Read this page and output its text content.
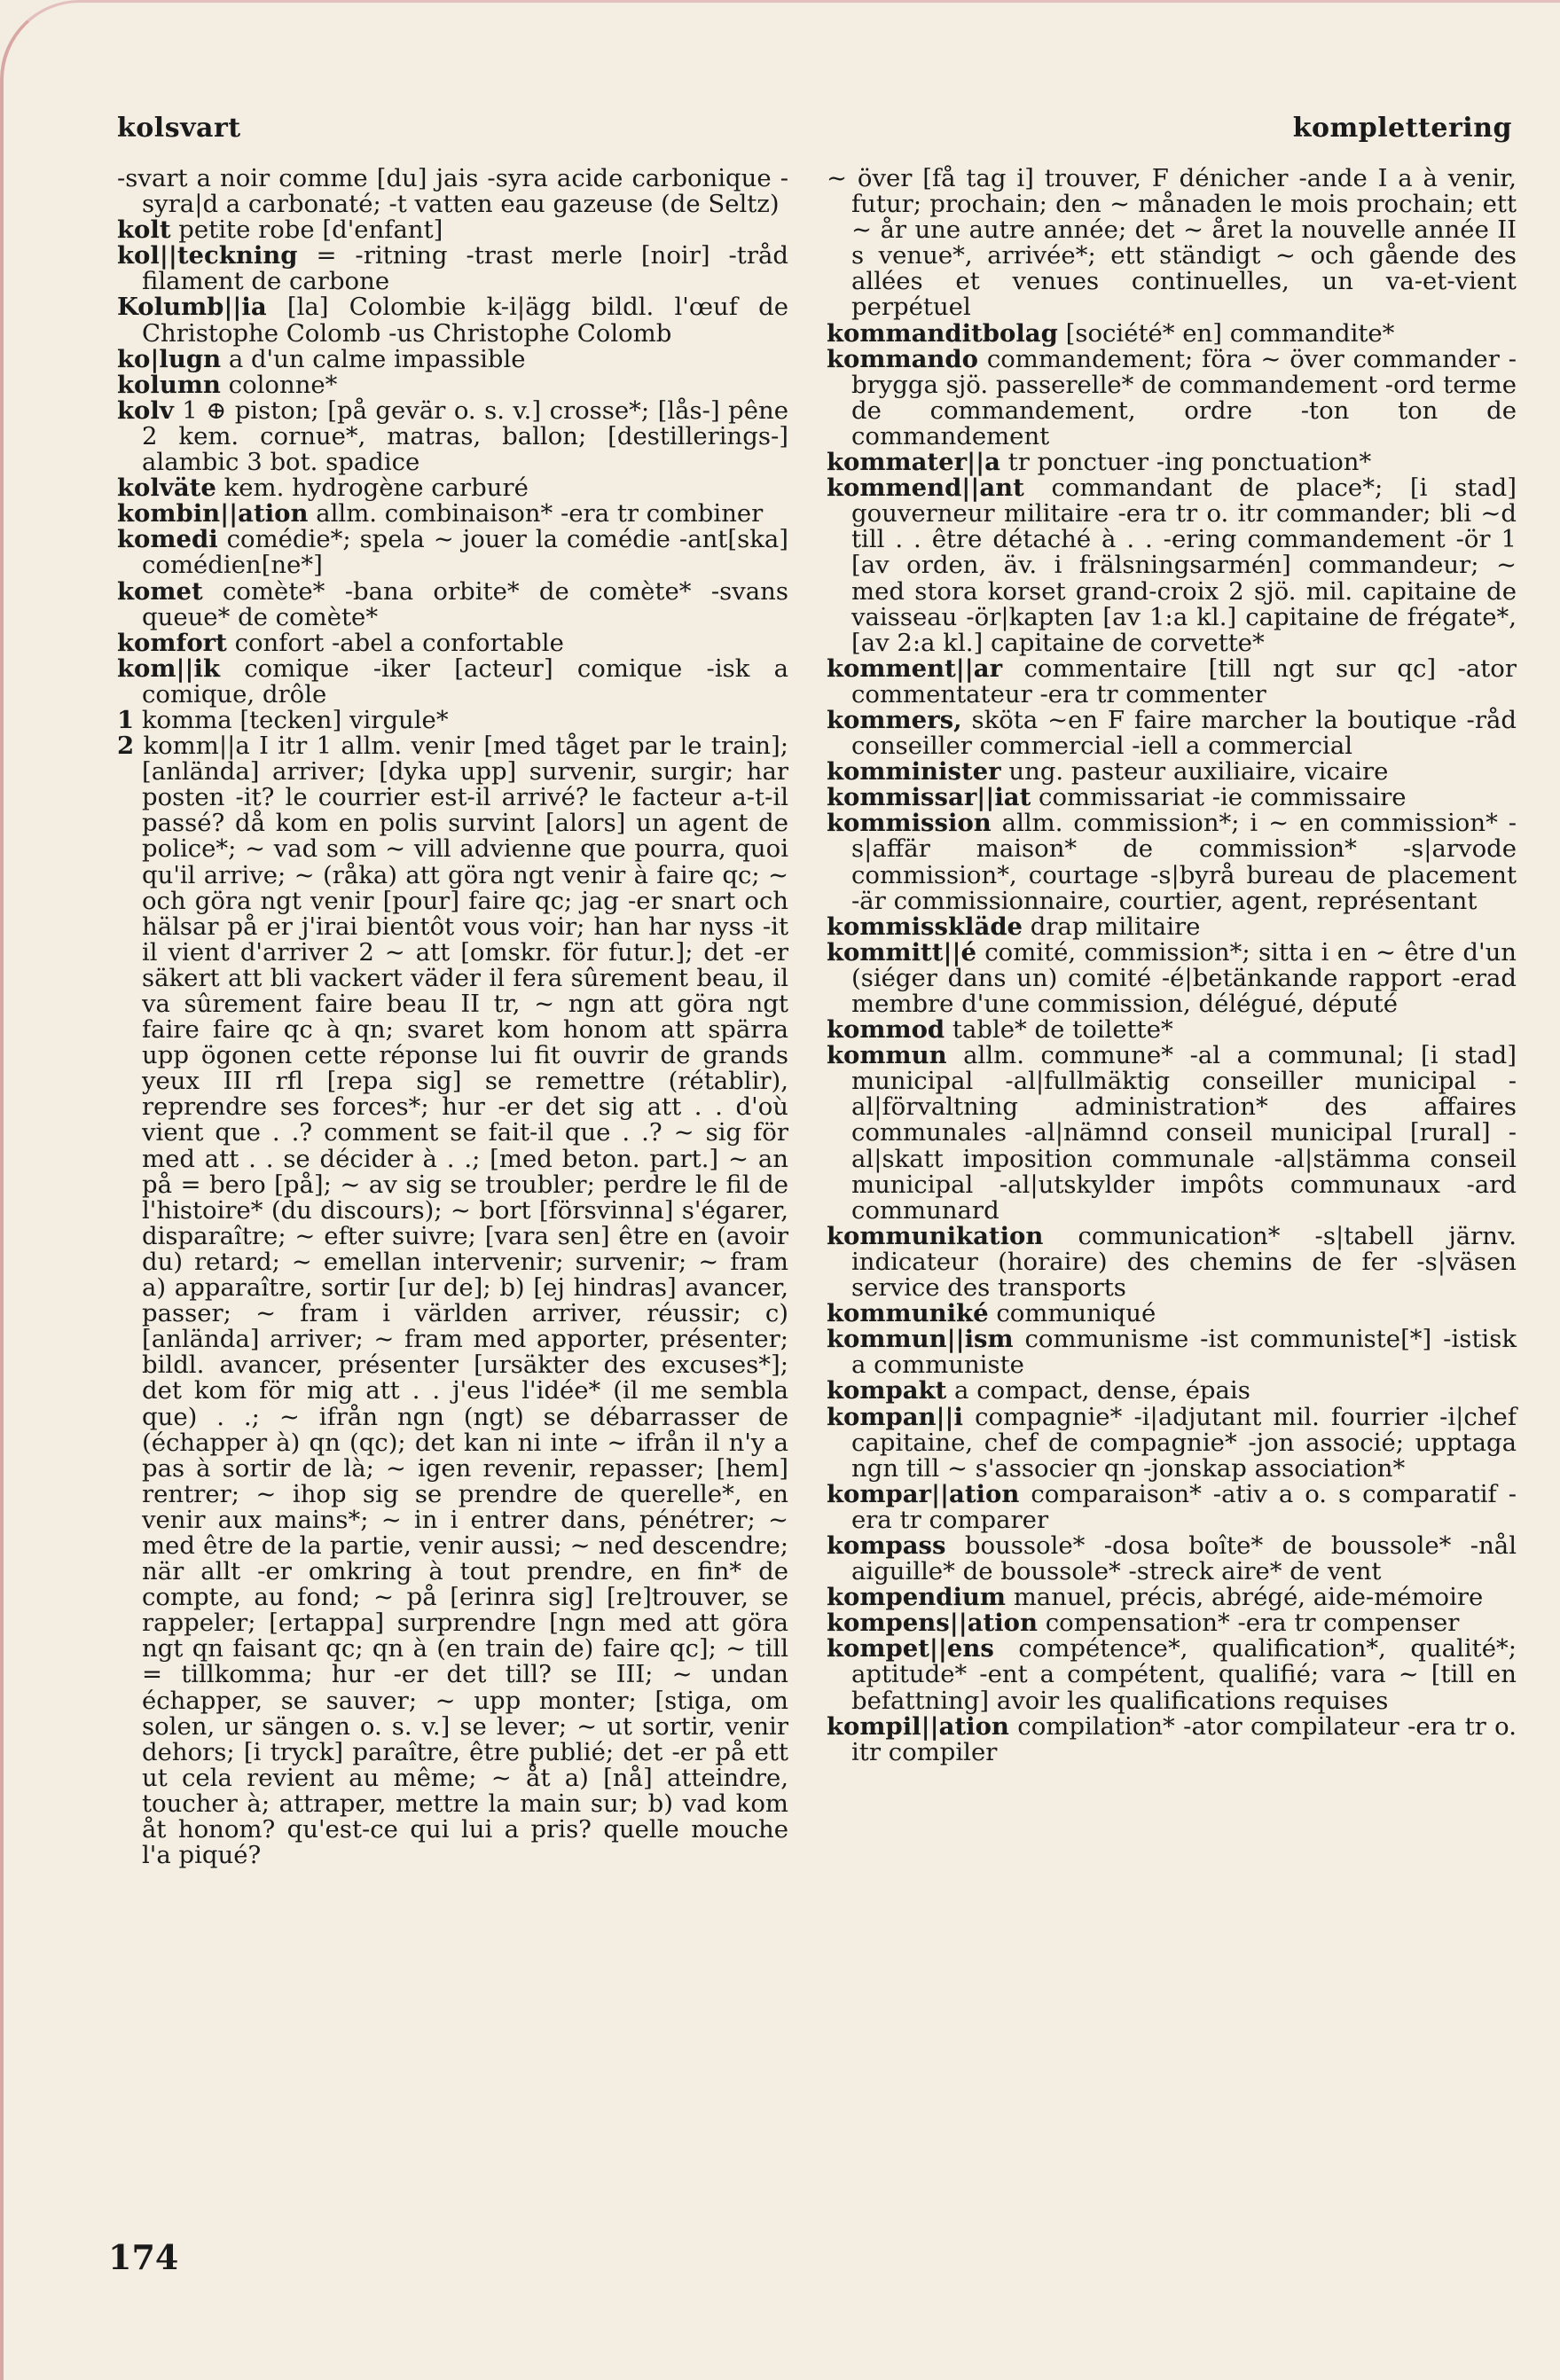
kolsvart	komplettering

-svart a noir comme [du] jais -syra acide carbonique -syra|d a carbonaté; -t vatten eau gazeuse (de Seltz)

kolt petite robe [d'enfant]

kol||teckning = -ritning -trast merle [noir] -tråd filament de carbone

Kolumb||ia [la] Colombie k-i|ägg bildl. l'œuf de Christophe Colomb -us Christophe Colomb

ko|lugn a d'un calme impassible

kolumn colonne*

kolv 1 ⊕ piston; [på gevär o. s. v.] crosse*; [lås-] pêne 2 kem. cornue*, matras, ballon; [destillerings-] alambic 3 bot. spadice

kolväte kem. hydrogène carburé

kombin||ation allm. combinaison* -era tr combiner

komedi comédie*; spela ~ jouer la comédie -ant[ska] comédien[ne*]

komet comète* -bana orbite* de comète* -svans queue* de comète*

komfort confort -abel a confortable

kom||ik comique -iker [acteur] comique -isk a comique, drôle

1 komma [tecken] virgule*

2 komm||a I itr 1 allm. venir [med tåget par le train]; [anlända] arriver; [dyka upp] survenir, surgir; har posten -it? le courrier est-il arrivé? le facteur a-t-il passé? då kom en polis survint [alors] un agent de police*; ~ vad som ~ vill advienne que pourra, quoi qu'il arrive; ~ (råka) att göra ngt venir à faire qc; ~ och göra ngt venir [pour] faire qc; jag -er snart och hälsar på er j'irai bientôt vous voir; han har nyss -it il vient d'arriver 2 ~ att [omskr. för futur.]; det -er säkert att bli vackert väder il fera sûrement beau, il va sûrement faire beau II tr, ~ ngn att göra ngt faire faire qc à qn; svaret kom honom att spärra upp ögonen cette réponse lui fit ouvrir de grands yeux III rfl [repa sig] se remettre (rétablir), reprendre ses forces*; hur -er det sig att . . d'où vient que . .? comment se fait-il que . .? ~ sig för med att . . se décider à . .; [med beton. part.] ~ an på = bero [på]; ~ av sig se troubler; perdre le fil de l'histoire* (du discours); ~ bort [försvinna] s'égarer, disparaître; ~ efter suivre; [vara sen] être en (avoir du) retard; ~ emellan intervenir; survenir; ~ fram a) apparaître, sortir [ur de]; b) [ej hindras] avancer, passer; ~ fram i världen arriver, réussir; c) [anlända] arriver; ~ fram med apporter, présenter; bildl. avancer, présenter [ursäkter des excuses*]; det kom för mig att . . j'eus l'idée* (il me sembla que) . .; ~ ifrån ngn (ngt) se débarrasser de (échapper à) qn (qc); det kan ni inte ~ ifrån il n'y a pas à sortir de là; ~ igen revenir, repasser; [hem] rentrer; ~ ihop sig se prendre de querelle*, en venir aux mains*; ~ in i entrer dans, pénétrer; ~ med être de la partie, venir aussi; ~ ned descendre; när allt -er omkring à tout prendre, en fin* de compte, au fond; ~ på [erinra sig] [re]trouver, se rappeler; [ertappa] surprendre [ngn med att göra ngt qn faisant qc; qn à (en train de) faire qc]; ~ till = tillkomma; hur -er det till? se III; ~ undan échapper, se sauver; ~ upp monter; [stiga, om solen, ur sängen o. s. v.] se lever; ~ ut sortir, venir dehors; [i tryck] paraître, être publié; det -er på ett ut cela revient au même; ~ åt a) [nå] atteindre, toucher à; attraper, mettre la main sur; b) vad kom åt honom? qu'est-ce qui lui a pris? quelle mouche l'a piqué?

~ över [få tag i] trouver, F dénicher -ande I a à venir, futur; prochain; den ~ månaden le mois prochain; ett ~ år une autre année; det ~ året la nouvelle année II s venue*, arrivée*; ett ständigt ~ och gående des allées et venues continuelles, un va-et-vient perpétuel

kommanditbolag [société* en] commandite*

kommando commandement; föra ~ över commander -brygga sjö. passerelle* de commandement -ord terme de commandement, ordre -ton ton de commandement

kommater||a tr ponctuer -ing ponctuation*

kommend||ant commandant de place*; [i stad] gouverneur militaire -era tr o. itr commander; bli ~d till . . être détaché à . . -ering commandement -ör 1 [av orden, äv. i frälsningsarmén] commandeur; ~ med stora korset grand-croix 2 sjö. mil. capitaine de vaisseau -ör|kapten [av 1:a kl.] capitaine de frégate*, [av 2:a kl.] capitaine de corvette*

komment||ar commentaire [till ngt sur qc] -ator commentateur -era tr commenter

kommers, sköta ~en F faire marcher la boutique -råd conseiller commercial -iell a commercial

komminister ung. pasteur auxiliaire, vicaire

kommissar||iat commissariat -ie commissaire

kommission allm. commission*; i ~ en commission* -s|affär maison* de commission* -s|arvode commission*, courtage -s|byrå bureau de placement -är commissionnaire, courtier, agent, représentant

kommisskläde drap militaire

kommitt||é comité, commission*; sitta i en ~ être d'un (siéger dans un) comité -é|betänkande rapport -erad membre d'une commission, délégué, député

kommod table* de toilette*

kommun allm. commune* -al a communal; [i stad] municipal -al|fullmäktig conseiller municipal -al|förvaltning administration* des affaires communales -al|nämnd conseil municipal [rural] -al|skatt imposition communale -al|stämma conseil municipal -al|utskylder impôts communaux -ard communard

kommunikation communication* -s|tabell järnv. indicateur (horaire) des chemins de fer -s|väsen service des transports

kommuniké communiqué

kommun||ism communisme -ist communiste[*] -istisk a communiste

kompakt a compact, dense, épais

kompan||i compagnie* -i|adjutant mil. fourrier -i|chef capitaine, chef de compagnie* -jon associé; upptaga ngn till ~ s'associer qn -jonskap association*

kompar||ation comparaison* -ativ a o. s comparatif -era tr comparer

kompass boussole* -dosa boîte* de boussole* -nål aiguille* de boussole* -streck aire* de vent

kompendium manuel, précis, abrégé, aide-mémoire

kompens||ation compensation* -era tr compenser

kompet||ens compétence*, qualification*, qualité*; aptitude* -ent a compétent, qualifié; vara ~ [till en befattning] avoir les qualifications requises

kompil||ation compilation* -ator compilateur -era tr o. itr compiler

174
